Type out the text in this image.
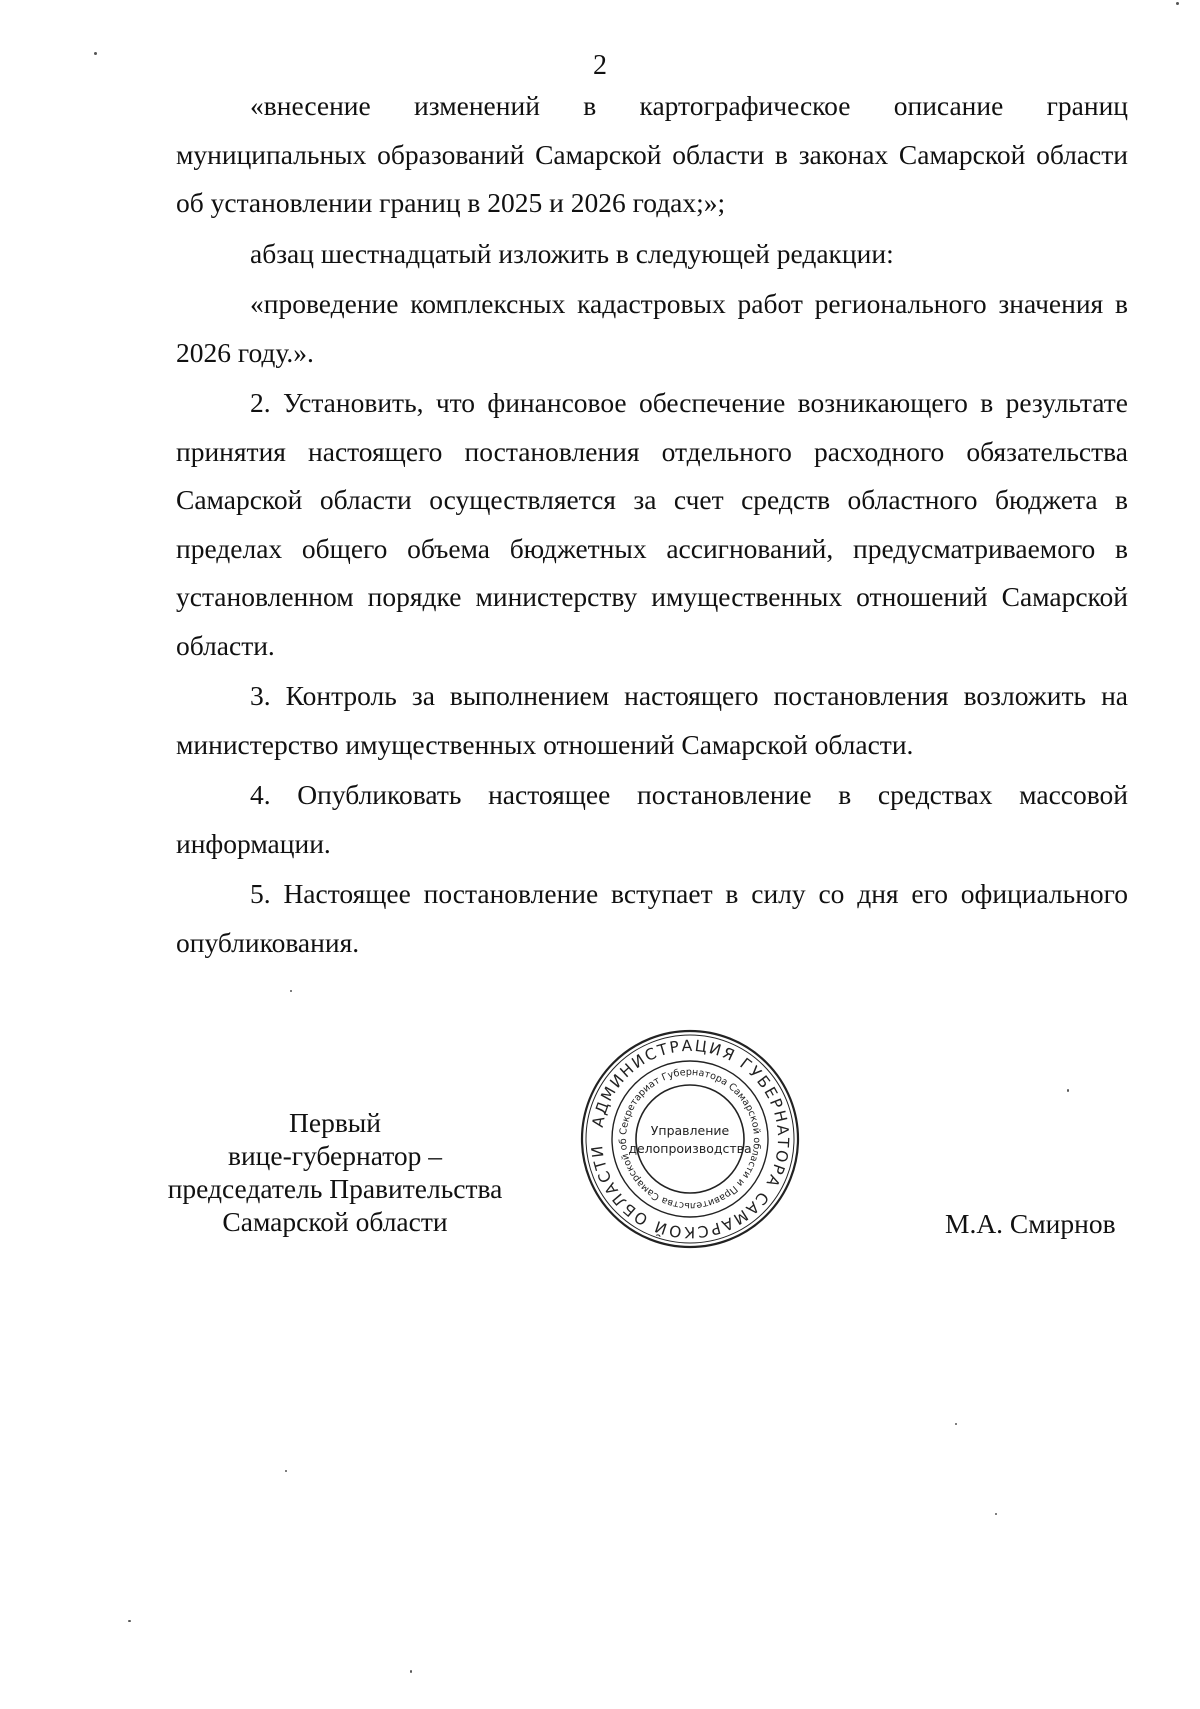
2

«внесение изменений в картографическое описание границ муниципальных образований Самарской области в законах Самарской области об установлении границ в 2025 и 2026 годах;»;

абзац шестнадцатый изложить в следующей редакции:

«проведение комплексных кадастровых работ регионального значения в 2026 году.».

2. Установить, что финансовое обеспечение возникающего в результате принятия настоящего постановления отдельного расходного обязательства Самарской области осуществляется за счет средств областного бюджета в пределах общего объема бюджетных ассигнований, предусматриваемого в установленном порядке министерству имущественных отношений Самарской области.

3. Контроль за выполнением настоящего постановления возложить на министерство имущественных отношений Самарской области.

4. Опубликовать настоящее постановление в средствах массовой информации.

5. Настоящее постановление вступает в силу со дня его официального опубликования.

Первый
вице-губернатор –
председатель Правительства
Самарской области
АДМИНИСТРАЦИЯ ГУБЕРНАТОРА САМАРСКОЙ ОБЛАСТИ
Секретариат Губернатора Самарской области и Правительства Самарской об
Управление
делопроизводства
М.А. Смирнов
